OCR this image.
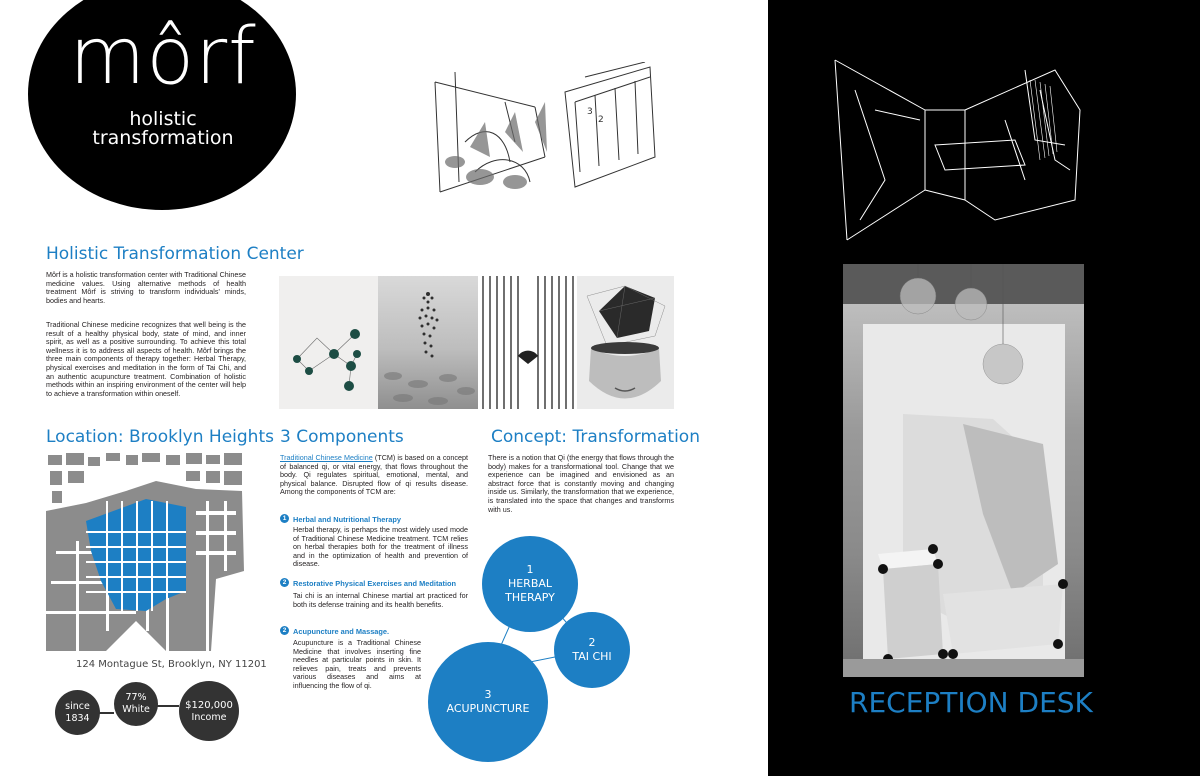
môrf
holistic transformation
2
3
Holistic Transformation Center
Môrf is a holistic transformation center with Traditional Chinese medicine values. Using alternative methods of health treatment Môrf is striving to transform individuals' minds, bodies and hearts.
Traditional Chinese medicine recognizes that well being is the result of a healthy physical body, state of mind, and inner spirit, as well as a positive surrounding. To achieve this total wellness it is to address all aspects of health. Môrf brings the three main components of therapy together: Herbal Therapy, physical exercises and meditation in the form of Tai Chi, and an authentic acupuncture treatment. Combination of holistic methods within an inspiring environment of the center will help to achieve a transformation within oneself.
Location: Brooklyn Heights
124 Montague St, Brooklyn, NY 11201
since
1834
77%
White	$120,000
Income
3 Components
Traditional Chinese Medicine (TCM) is based on a concept of balanced qi, or vital energy, that flows throughout the body. Qi regulates spiritual, emotional, mental, and physical balance. Disrupted flow of qi results disease. Among the components of TCM are:
1 Herbal and Nutritional Therapy
Herbal therapy, is perhaps the most widely used mode of Traditional Chinese Medicine treatment. TCM relies on herbal therapies both for the treatment of illness and in the optimization of health and prevention of disease.
2 Restorative Physical Exercises and Meditation
Tai chi is an internal Chinese martial art practiced for both its defense training and its health benefits.
2 Acupuncture and Massage.
Acupuncture is a Traditional Chinese Medicine that involves inserting fine needles at particular points in skin. It relieves pain, treats and prevents various diseases and aims at influencing the flow of qi.
Concept: Transformation
There is a notion that Qi (the energy that flows through the body) makes for a transformational tool. Change that we experience can be imagined and envisioned as an abstract force that is constantly moving and changing inside us. Similarly, the transformation that we experience, is translated into the space that changes and transforms with us.
1
HERBAL
THERAPY
2
TAI CHI
3
ACUPUNCTURE	RECEPTION DESK
